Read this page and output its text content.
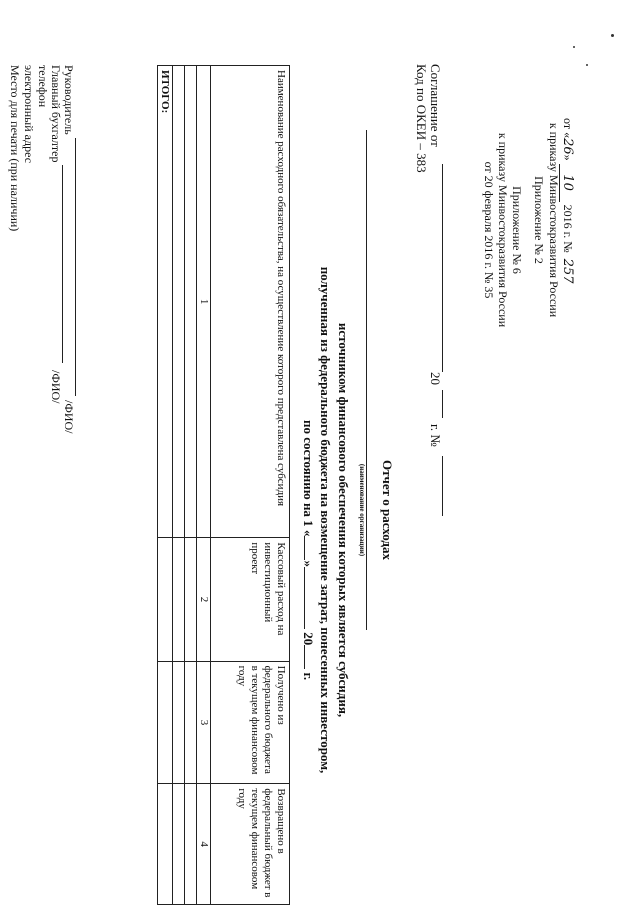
Приложение № 2 к приказу Минвостокразвития России от «26» 10 2016 г. №257
Приложение № 6
к приказу Минвостокразвития России
от 20 февраля 2016 г. № 35
Соглашение от
20
г. №
Код по ОКЕИ – 383
Отчет о расходах
(наименование организации)
источником финансового обеспечения которых является субсидия,
полученная из федерального бюджета на возмещение затрат, понесенных инвестором,
по состоянию на 1 «» 20 г.
Наименование расходного обязательства, на осуществление которого представлена субсидия	Кассовый расход на инвестиционный проект	Получено из федерального бюджета в текущем финансовом году	Возвращено в федеральный бюджет в текущем финансовом году
1	2	3	4

ИТОГО:			
Руководитель
/ФИО/
Главный бухгалтер
/ФИО/
телефон
электронный адрес
Место для печати (при наличии)
